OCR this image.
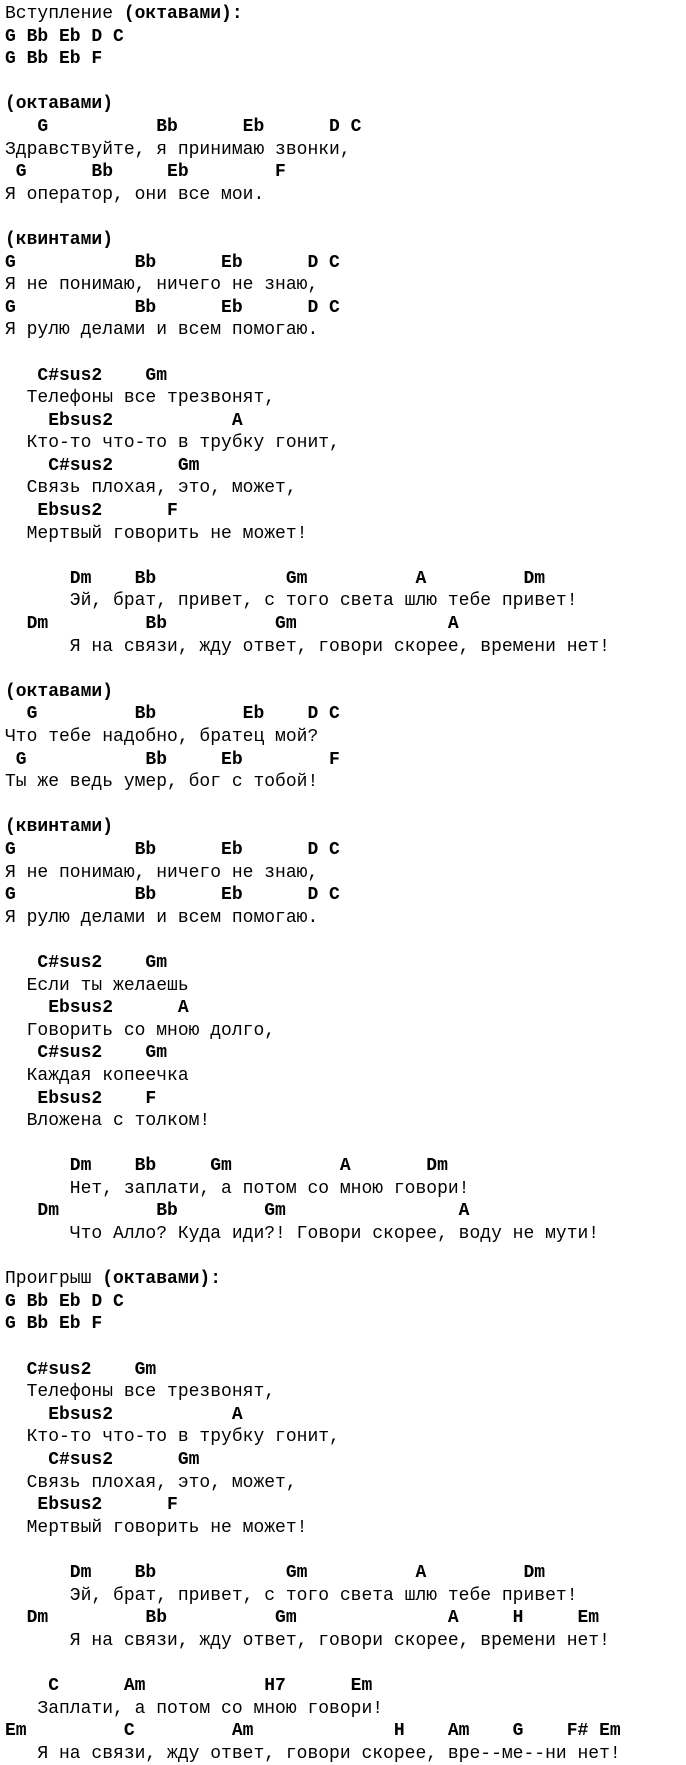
Вступление (октавами):
G Bb Eb D C
G Bb Eb F

(октавами)
G          Bb      Eb      D C
Здравствуйте, я принимаю звонки,
G      Bb     Eb        F
Я оператор, они все мои.

(квинтами)
G           Bb      Eb      D C
Я не понимаю, ничего не знаю,
G           Bb      Eb      D C
Я рулю делами и всем помогаю.

C#sus2    Gm
Телефоны все трезвонят,
Ebsus2           A
Кто-то что-то в трубку гонит,
C#sus2      Gm
Связь плохая, это, может,
Ebsus2      F
Мертвый говорить не может!

Dm    Bb            Gm          A         Dm
Эй, брат, привет, с того света шлю тебе привет!
Dm         Bb          Gm              A
Я на связи, жду ответ, говори скорее, времени нет!

(октавами)
G         Bb        Eb    D C
Что тебе надобно, братец мой?
G           Bb     Eb        F
Ты же ведь умер, бог с тобой!

(квинтами)
G           Bb      Eb      D C
Я не понимаю, ничего не знаю,
G           Bb      Eb      D C
Я рулю делами и всем помогаю.

C#sus2    Gm
Если ты желаешь
Ebsus2      A
Говорить со мною долго,
C#sus2    Gm
Каждая копеечка
Ebsus2    F
Вложена с толком!

Dm    Bb     Gm          A       Dm
Нет, заплати, а потом со мною говори!
Dm         Bb        Gm                A
Что Алло? Куда иди?! Говори скорее, воду не мути!

Проигрыш (октавами):
G Bb Eb D C
G Bb Eb F

C#sus2    Gm
Телефоны все трезвонят,
Ebsus2           A
Кто-то что-то в трубку гонит,
C#sus2      Gm
Связь плохая, это, может,
Ebsus2      F
Мертвый говорить не может!

Dm    Bb            Gm          A         Dm
Эй, брат, привет, с того света шлю тебе привет!
Dm         Bb          Gm              A     H     Em
Я на связи, жду ответ, говори скорее, времени нет!

C      Am           H7      Em
Заплати, а потом со мною говори!
Em         C         Am             H    Am    G    F# Em
Я на связи, жду ответ, говори скорее, вре--ме--ни нет!
